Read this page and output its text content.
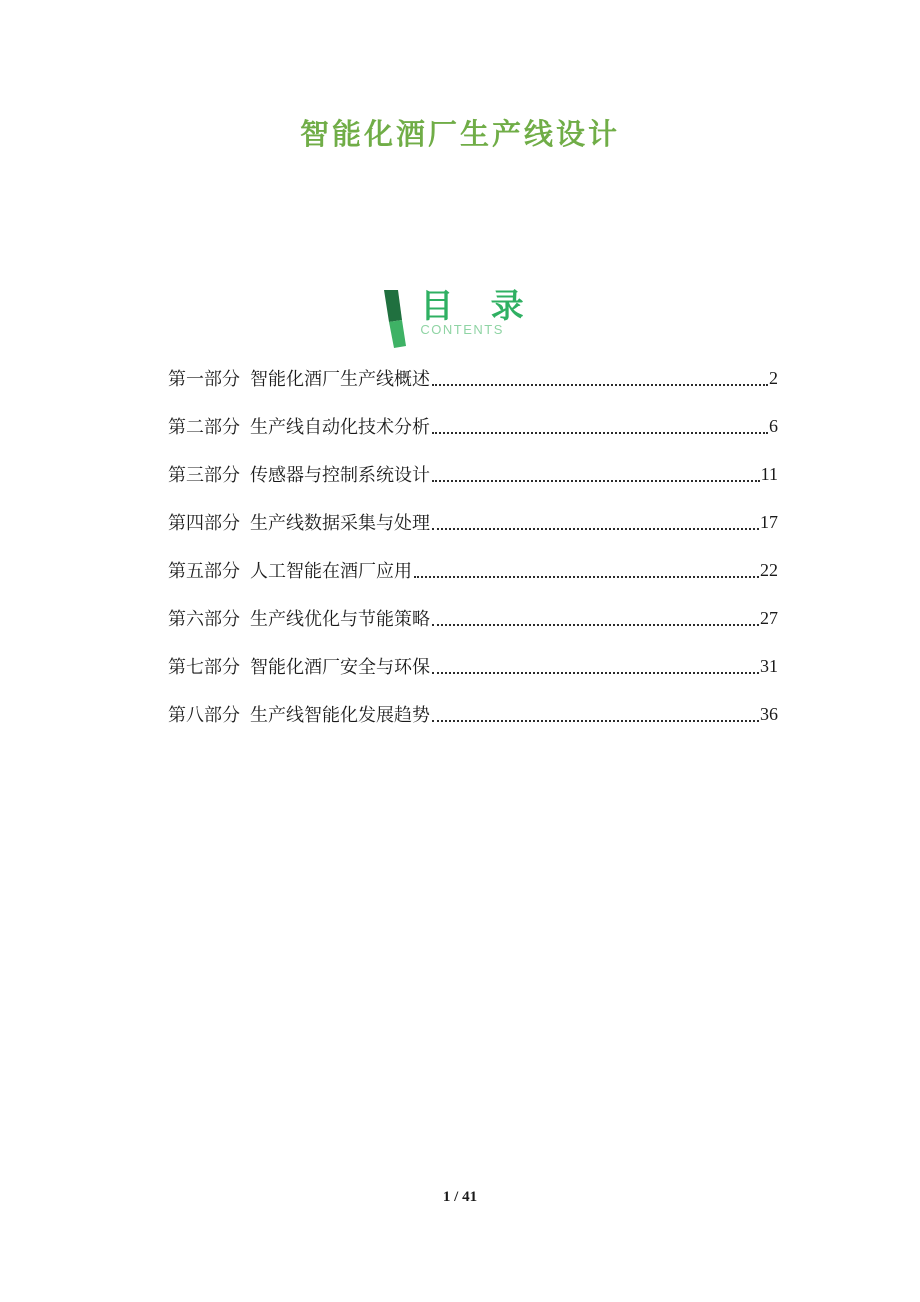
智能化酒厂生产线设计
目 录
CONTENTS
第一部分 智能化酒厂生产线概述	2
第二部分 生产线自动化技术分析	6
第三部分 传感器与控制系统设计	11
第四部分 生产线数据采集与处理	17
第五部分 人工智能在酒厂应用	22
第六部分 生产线优化与节能策略	27
第七部分 智能化酒厂安全与环保	31
第八部分 生产线智能化发展趋势	36
1 / 41
